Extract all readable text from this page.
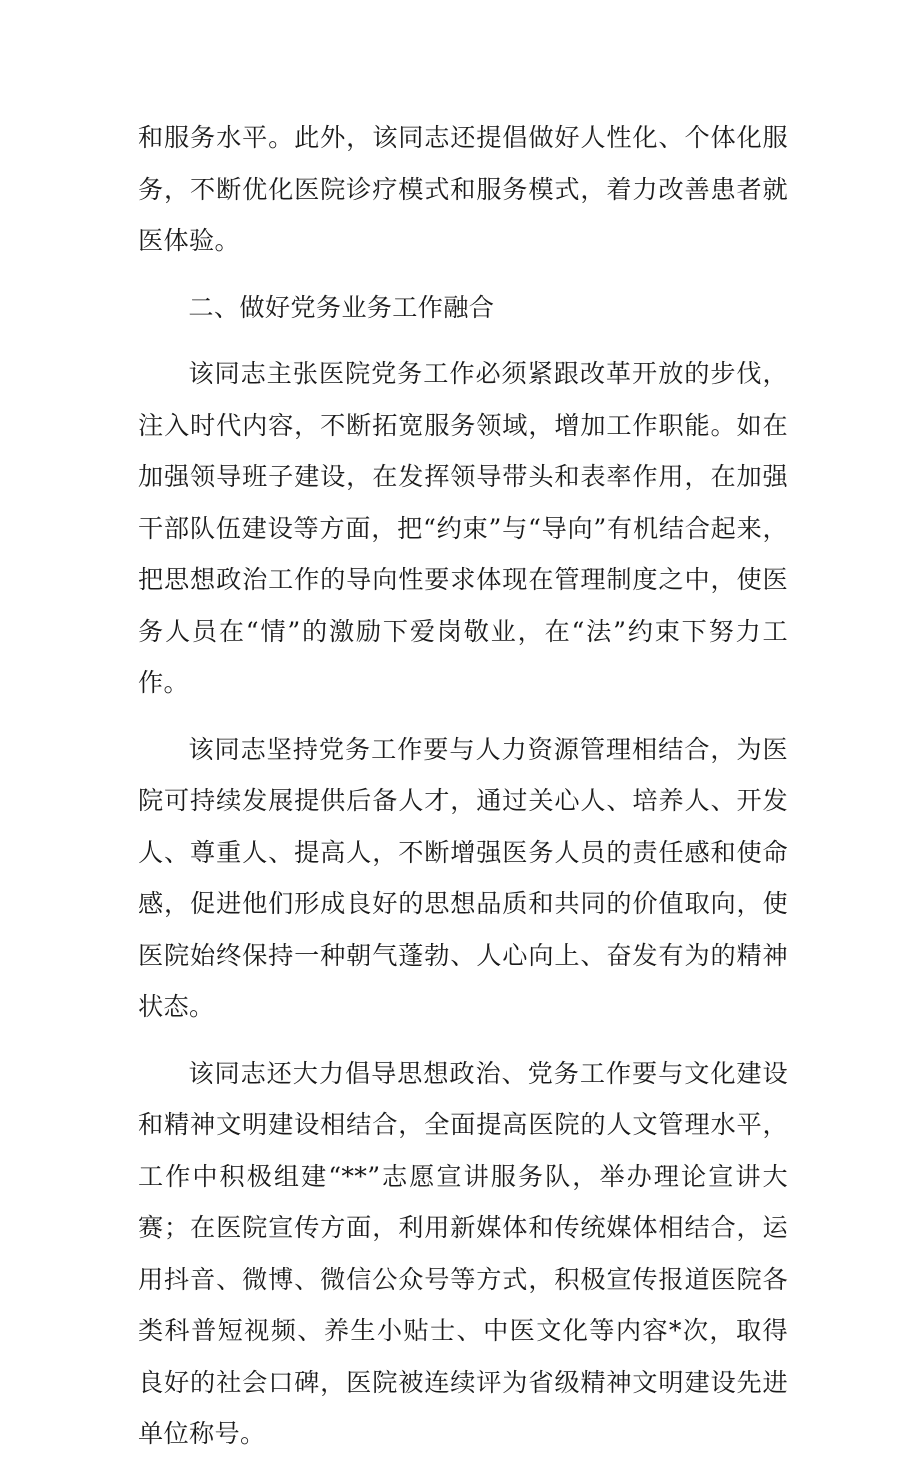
和服务水平。此外，该同志还提倡做好人性化、个体化服务，不断优化医院诊疗模式和服务模式，着力改善患者就医体验。

二、做好党务业务工作融合

该同志主张医院党务工作必须紧跟改革开放的步伐，注入时代内容，不断拓宽服务领域，增加工作职能。如在加强领导班子建设，在发挥领导带头和表率作用，在加强干部队伍建设等方面，把“约束”与“导向”有机结合起来，把思想政治工作的导向性要求体现在管理制度之中，使医务人员在“情”的激励下爱岗敬业，在“法”约束下努力工作。

该同志坚持党务工作要与人力资源管理相结合，为医院可持续发展提供后备人才，通过关心人、培养人、开发人、尊重人、提高人，不断增强医务人员的责任感和使命感，促进他们形成良好的思想品质和共同的价值取向，使医院始终保持一种朝气蓬勃、人心向上、奋发有为的精神状态。

该同志还大力倡导思想政治、党务工作要与文化建设和精神文明建设相结合，全面提高医院的人文管理水平，工作中积极组建“**”志愿宣讲服务队，举办理论宣讲大赛；在医院宣传方面，利用新媒体和传统媒体相结合，运用抖音、微博、微信公众号等方式，积极宣传报道医院各类科普短视频、养生小贴士、中医文化等内容*次，取得良好的社会口碑，医院被连续评为省级精神文明建设先进单位称号。
